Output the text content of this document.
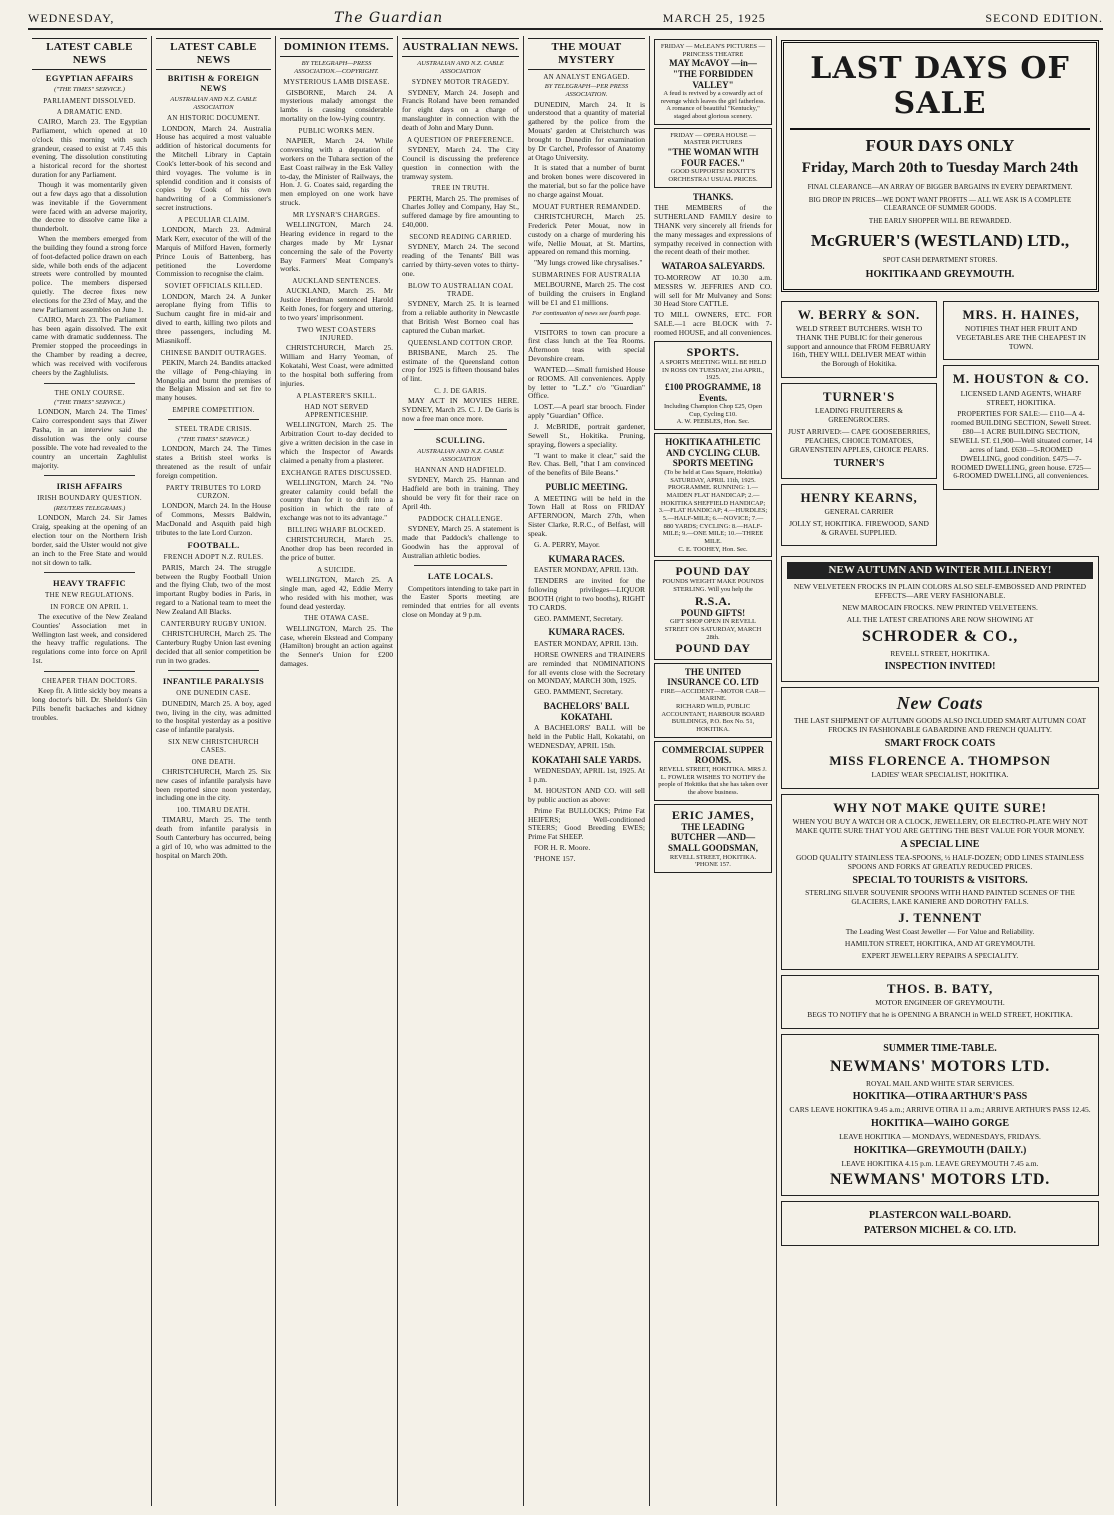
WEDNESDAY,	The Guardian	MARCH 25, 1925	SECOND EDITION.
LATEST CABLE NEWS
EGYPTIAN AFFAIRS
("THE TIMES" SERVICE.)
PARLIAMENT DISSOLVED.
A DRAMATIC END.

CAIRO, March 23. The Egyptian Parliament, which opened at 10 o'clock this morning with such grandeur, ceased to exist at 7.45 this evening. The dissolution constituting a historical record for the shortest duration for any Parliament.

Though it was momentarily given out a few days ago that a dissolution was inevitable if the Government were faced with an adverse majority, the decree to dissolve came like a thunderbolt.

When the members emerged from the building they found a strong force of foot-defacted police drawn on each side, while both ends of the adjacent streets were controlled by mounted police. The members dispersed quietly. The decree fixes new elections for the 23rd of May, and the new Parliament assembles on June 1.

CAIRO, March 23. The Parliament has been again dissolved. The exit came with dramatic suddenness. The Premier stopped the proceedings in the Chamber by reading a decree, which was received with vociferous cheers by the Zaghlulists.

THE ONLY COURSE.
("THE TIMES" SERVICE.)

LONDON, March 24. The Times' Cairo correspondent says that Ziwer Pasha, in an interview said the dissolution was the only course possible. The vote had revealed to the country an uncertain Zaghlulist majority.

IRISH AFFAIRS
IRISH BOUNDARY QUESTION.
(REUTERS TELEGRAMS.)

LONDON, March 24. Sir James Craig, speaking at the opening of an election tour on the Northern Irish border, said the Ulster would not give an inch to the Free State and would not sit down to talk.

HEAVY TRAFFIC
THE NEW REGULATIONS.
IN FORCE ON APRIL 1.

The executive of the New Zealand Counties' Association met in Wellington last week, and considered the heavy traffic regulations. The regulations come into force on April 1st.

CHEAPER THAN DOCTORS.

Keep fit. A little sickly boy means a long doctor's bill. Dr. Sheldon's Gin Pills benefit backaches and kidney troubles.

LATEST CABLE NEWS
BRITISH & FOREIGN NEWS
AUSTRALIAN AND N.Z. CABLE ASSOCIATION
AN HISTORIC DOCUMENT.

LONDON, March 24. Australia House has acquired a most valuable addition of historical documents for the Mitchell Library in Captain Cook's letter-book of his second and third voyages. The volume is in splendid condition and it consists of copies by Cook of his own handwriting of a Commissioner's secret instructions.

A PECULIAR CLAIM.

LONDON, March 23. Admiral Mark Kerr, executor of the will of the Marquis of Milford Haven, formerly Prince Louis of Battenberg, has petitioned the Loverdome Commission to recognise the claim.

SOVIET OFFICIALS KILLED.

LONDON, March 24. A Junker aeroplane flying from Tiflis to Suchum caught fire in mid-air and dived to earth, killing two pilots and three passengers, including M. Miasnikoff.

CHINESE BANDIT OUTRAGES.

PEKIN, March 24. Bandits attacked the village of Peng-chiaying in Mongolia and burnt the premises of the Belgian Mission and set fire to many houses.

EMPIRE COMPETITION.
STEEL TRADE CRISIS.
("THE TIMES" SERVICE.)

LONDON, March 24. The Times states a British steel works is threatened as the result of unfair foreign competition.

PARTY TRIBUTES TO LORD CURZON.

LONDON, March 24. In the House of Commons, Messrs Baldwin, MacDonald and Asquith paid high tributes to the late Lord Curzon.

FOOTBALL.
FRENCH ADOPT N.Z. RULES.

PARIS, March 24. The struggle between the Rugby Football Union and the flying Club, two of the most important Rugby bodies in Paris, in regard to a National team to meet the New Zealand All Blacks.

CANTERBURY RUGBY UNION.

CHRISTCHURCH, March 25. The Canterbury Rugby Union last evening decided that all senior competition be run in two grades.

INFANTILE PARALYSIS
ONE DUNEDIN CASE.

DUNEDIN, March 25. A boy, aged two, living in the city, was admitted to the hospital yesterday as a positive case of infantile paralysis.

SIX NEW CHRISTCHURCH CASES.
ONE DEATH.

CHRISTCHURCH, March 25. Six new cases of infantile paralysis have been reported since noon yesterday, including one in the city.

100. TIMARU DEATH.

TIMARU, March 25. The tenth death from infantile paralysis in South Canterbury has occurred, being a girl of 10, who was admitted to the hospital on March 20th.

DOMINION ITEMS.
BY TELEGRAPH—PRESS ASSOCIATION.—COPYRIGHT.
MYSTERIOUS LAMB DISEASE.

GISBORNE, March 24. A mysterious malady amongst the lambs is causing considerable mortality on the low-lying country.

PUBLIC WORKS MEN.

NAPIER, March 24. While conversing with a deputation of workers on the Tuhara section of the East Coast railway in the Esk Valley to-day, the Minister of Railways, the Hon. J. G. Coates said, regarding the men employed on one work have struck.

MR LYSNAR'S CHARGES.

WELLINGTON, March 24. Hearing evidence in regard to the charges made by Mr Lysnar concerning the sale of the Poverty Bay Farmers' Meat Company's works.

AUCKLAND SENTENCES.

AUCKLAND, March 25. Mr Justice Herdman sentenced Harold Keith Jones, for forgery and uttering, to two years' imprisonment.

TWO WEST COASTERS INJURED.

CHRISTCHURCH, March 25. William and Harry Yeoman, of Kokatahi, West Coast, were admitted to the hospital both suffering from injuries.

A PLASTERER'S SKILL.
HAD NOT SERVED APPRENTICESHIP.

WELLINGTON, March 25. The Arbitration Court to-day decided to give a written decision in the case in which the Inspector of Awards claimed a penalty from a plasterer.

EXCHANGE RATES DISCUSSED.

WELLINGTON, March 24. "No greater calamity could befall the country than for it to drift into a position in which the rate of exchange was not to its advantage."

BILLING WHARF BLOCKED.

CHRISTCHURCH, March 25. Another drop has been recorded in the price of butter.

A SUICIDE.

WELLINGTON, March 25. A single man, aged 42, Eddie Merry who resided with his mother, was found dead yesterday.

THE OTAWA CASE.

WELLINGTON, March 25. The case, wherein Ekstead and Company (Hamilton) brought an action against the Senner's Union for £200 damages.

AUSTRALIAN NEWS.
AUSTRALIAN AND N.Z. CABLE ASSOCIATION
SYDNEY MOTOR TRAGEDY.

SYDNEY, March 24. Joseph and Francis Roland have been remanded for eight days on a charge of manslaughter in connection with the death of John and Mary Dunn.

A QUESTION OF PREFERENCE.

SYDNEY, March 24. The City Council is discussing the preference question in connection with the tramway system.

TREE IN TRUTH.

PERTH, March 25. The premises of Charles Jolley and Company, Hay St., suffered damage by fire amounting to £40,000.

SECOND READING CARRIED.

SYDNEY, March 24. The second reading of the Tenants' Bill was carried by thirty-seven votes to thirty-one.

BLOW TO AUSTRALIAN COAL TRADE.

SYDNEY, March 25. It is learned from a reliable authority in Newcastle that British West Borneo coal has captured the Cuban market.

QUEENSLAND COTTON CROP.

BRISBANE, March 25. The estimate of the Queensland cotton crop for 1925 is fifteen thousand bales of lint.

C. J. DE GARIS.

MAY ACT IN MOVIES HERE. SYDNEY, March 25. C. J. De Garis is now a free man once more.

SCULLING.
AUSTRALIAN AND N.Z. CABLE ASSOCIATION
HANNAN AND HADFIELD.

SYDNEY, March 25. Hannan and Hadfield are both in training. They should be very fit for their race on April 4th.

PADDOCK CHALLENGE.

SYDNEY, March 25. A statement is made that Paddock's challenge to Goodwin has the approval of Australian athletic bodies.

LATE LOCALS.

Competitors intending to take part in the Easter Sports meeting are reminded that entries for all events close on Monday at 9 p.m.

THE MOUAT MYSTERY
AN ANALYST ENGAGED.
BY TELEGRAPH—PER PRESS ASSOCIATION.

DUNEDIN, March 24. It is understood that a quantity of material gathered by the police from the Mouats' garden at Christchurch was brought to Dunedin for examination by Dr Carchel, Professor of Anatomy at Otago University.

It is stated that a number of burnt and broken bones were discovered in the material, but so far the police have no charge against Mouat.

MOUAT FURTHER REMANDED.

CHRISTCHURCH, March 25. Frederick Peter Mouat, now in custody on a charge of murdering his wife, Nellie Mouat, at St. Martins, appeared on remand this morning.

"My lungs crowed like chrysalises."

SUBMARINES FOR AUSTRALIA

MELBOURNE, March 25. The cost of building the cruisers in England will be £1 and £1 millions.

For continuation of news see fourth page.

VISITORS to town can procure a first class lunch at the Tea Rooms. Afternoon teas with special Devonshire cream.

WANTED.—Small furnished House or ROOMS. All conveniences. Apply by letter to "L.Z." c/o "Guardian" Office.

LOST.—A pearl star brooch. Finder apply "Guardian" Office.

J. McBRIDE, portrait gardener, Sewell St., Hokitika. Pruning, spraying, flowers a speciality.

"I want to make it clear," said the Rev. Chas. Bell, "that I am convinced of the benefits of Bile Beans."

PUBLIC MEETING.

A MEETING will be held in the Town Hall at Ross on FRIDAY AFTERNOON, March 27th, when Sister Clarke, R.R.C., of Belfast, will speak.

G. A. PERRY, Mayor.

KUMARA RACES.

EASTER MONDAY, APRIL 13th.

TENDERS are invited for the following privileges—LIQUOR BOOTH (right to two booths), RIGHT TO CARDS.

GEO. PAMMENT, Secretary.

KUMARA RACES.

EASTER MONDAY, APRIL 13th.

HORSE OWNERS and TRAINERS are reminded that NOMINATIONS for all events close with the Secretary on MONDAY, MARCH 30th, 1925.

GEO. PAMMENT, Secretary.

BACHELORS' BALL KOKATAHI.

A BACHELORS' BALL will be held in the Public Hall, Kokatahi, on WEDNESDAY, APRIL 15th.

KOKATAHI SALE YARDS.

WEDNESDAY, APRIL 1st, 1925. At 1 p.m.

M. HOUSTON AND CO. will sell by public auction as above:

Prime Fat BULLOCKS; Prime Fat HEIFERS; Well-conditioned STEERS; Good Breeding EWES; Prime Fat SHEEP.

FOR H. R. Moore.

'PHONE 157.

FRIDAY — McLEAN'S PICTURES — PRINCESS THEATRE
MAY McAVOY —in— "THE FORBIDDEN VALLEY"
A feud is revived by a cowardly act of revenge which leaves the girl fatherless. A romance of beautiful "Kentucky," staged about glorious scenery.
FRIDAY — OPERA HOUSE — MASTER PICTURES
"THE WOMAN WITH FOUR FACES."
GOOD SUPPORTS! BOXITT'S ORCHESTRA! USUAL PRICES.
THANKS.

THE MEMBERS of the SUTHERLAND FAMILY desire to THANK very sincerely all friends for the many messages and expressions of sympathy received in connection with the recent death of their mother.

WATAROA SALEYARDS.

TO-MORROW AT 10.30 a.m. MESSRS W. JEFFRIES AND CO. will sell for Mr Mulvaney and Sons: 30 Head Store CATTLE.

TO MILL OWNERS, ETC. FOR SALE.—1 acre BLOCK with 7-roomed HOUSE, and all conveniences.

SPORTS.
A SPORTS MEETING WILL BE HELD IN ROSS ON TUESDAY, 21st APRIL, 1925.
£100 PROGRAMME, 18 Events.
Including Champion Chop £25, Open Cup, Cycling £10.
A. W. PEEBLES, Hon. Sec.
HOKITIKA ATHLETIC AND CYCLING CLUB.
SPORTS MEETING
(To be held at Cass Square, Hokitika) SATURDAY, APRIL 11th, 1925.
PROGRAMME. RUNNING: 1.—MAIDEN FLAT HANDICAP; 2.—HOKITIKA SHEFFIELD HANDICAP; 3.—FLAT HANDICAP; 4.—HURDLES; 5.—HALF-MILE; 6.—NOVICE; 7.—880 YARDS; CYCLING: 8.—HALF-MILE; 9.—ONE MILE; 10.—THREE MILE.
C. E. TOOHEY, Hon. Sec.
POUND DAY
POUNDS WEIGHT MAKE POUNDS STERLING. Will you help the
R.S.A.
POUND GIFTS!
GIFT SHOP OPEN IN REVELL STREET ON SATURDAY, MARCH 28th.
POUND DAY
THE UNITED INSURANCE CO. LTD
FIRE—ACCIDENT—MOTOR CAR—MARINE.
RICHARD WILD, PUBLIC ACCOUNTANT, HARBOUR BOARD BUILDINGS, P.O. Box No. 51, HOKITIKA.
COMMERCIAL SUPPER ROOMS.
REVELL STREET, HOKITIKA. MRS J. L. FOWLER WISHES TO NOTIFY the people of Hokitika that she has taken over the above business.
ERIC JAMES,
THE LEADING BUTCHER —AND— SMALL GOODSMAN,
REVELL STREET, HOKITIKA.
'PHONE 157.
LAST DAYS OF SALE
FOUR DAYS ONLY
Friday, March 20th to Tuesday March 24th
FINAL CLEARANCE—AN ARRAY OF BIGGER BARGAINS IN EVERY DEPARTMENT.
BIG DROP IN PRICES—WE DON'T WANT PROFITS — ALL WE ASK IS A COMPLETE CLEARANCE OF SUMMER GOODS.
THE EARLY SHOPPER WILL BE REWARDED.
McGRUER'S (WESTLAND) LTD.,
SPOT CASH DEPARTMENT STORES.
HOKITIKA AND GREYMOUTH.
W. BERRY & SON.
WELD STREET BUTCHERS. WISH TO THANK THE PUBLIC for their generous support and announce that FROM FEBRUARY 16th, THEY WILL DELIVER MEAT within the Borough of Hokitika.
TURNER'S
LEADING FRUITERERS & GREENGROCERS.
JUST ARRIVED:— CAPE GOOSEBERRIES, PEACHES, CHOICE TOMATOES, GRAVENSTEIN APPLES, CHOICE PEARS.
TURNER'S
HENRY KEARNS,
GENERAL CARRIER
JOLLY ST, HOKITIKA. FIREWOOD, SAND & GRAVEL SUPPLIED.
MRS. H. HAINES,
NOTIFIES THAT HER FRUIT AND VEGETABLES ARE THE CHEAPEST IN TOWN.
M. HOUSTON & CO.
LICENSED LAND AGENTS, WHARF STREET, HOKITIKA.
PROPERTIES FOR SALE:— £110—A 4-roomed BUILDING SECTION, Sewell Street. £80—1 ACRE BUILDING SECTION, SEWELL ST. £1,900—Well situated corner, 14 acres of land. £630—5-ROOMED DWELLING, good condition. £475—7-ROOMED DWELLING, green house. £725—6-ROOMED DWELLING, all conveniences.
NEW AUTUMN AND WINTER MILLINERY!
NEW VELVETEEN FROCKS IN PLAIN COLORS ALSO SELF-EMBOSSED AND PRINTED EFFECTS—ARE VERY FASHIONABLE.
NEW MAROCAIN FROCKS. NEW PRINTED VELVETEENS.
ALL THE LATEST CREATIONS ARE NOW SHOWING AT
SCHRODER & CO.,
REVELL STREET, HOKITIKA.
INSPECTION INVITED!
New Coats
THE LAST SHIPMENT OF AUTUMN GOODS ALSO INCLUDED SMART AUTUMN COAT FROCKS IN FASHIONABLE GABARDINE AND FRENCH QUALITY.
SMART FROCK COATS
MISS FLORENCE A. THOMPSON
LADIES' WEAR SPECIALIST, HOKITIKA.
WHY NOT MAKE QUITE SURE!
WHEN YOU BUY A WATCH OR A CLOCK, JEWELLERY, OR ELECTRO-PLATE WHY NOT MAKE QUITE SURE THAT YOU ARE GETTING THE BEST VALUE FOR YOUR MONEY.
A SPECIAL LINE
GOOD QUALITY STAINLESS TEA-SPOONS, ½ HALF-DOZEN; ODD LINES STAINLESS SPOONS AND FORKS AT GREATLY REDUCED PRICES.
SPECIAL TO TOURISTS & VISITORS.
STERLING SILVER SOUVENIR SPOONS WITH HAND PAINTED SCENES OF THE GLACIERS, LAKE KANIERE AND DOROTHY FALLS.
J. TENNENT
The Leading West Coast Jeweller — For Value and Reliability.
HAMILTON STREET, HOKITIKA, AND AT GREYMOUTH.
EXPERT JEWELLERY REPAIRS A SPECIALITY.
THOS. B. BATY,
MOTOR ENGINEER OF GREYMOUTH.
BEGS TO NOTIFY that he is OPENING A BRANCH in WELD STREET, HOKITIKA.
SUMMER TIME-TABLE.
NEWMANS' MOTORS LTD.
ROYAL MAIL AND WHITE STAR SERVICES.
HOKITIKA—OTIRA ARTHUR'S PASS
CARS LEAVE HOKITIKA 9.45 a.m.; ARRIVE OTIRA 11 a.m.; ARRIVE ARTHUR'S PASS 12.45.
HOKITIKA—WAIHO GORGE
LEAVE HOKITIKA — MONDAYS, WEDNESDAYS, FRIDAYS.
HOKITIKA—GREYMOUTH (DAILY.)
LEAVE HOKITIKA 4.15 p.m. LEAVE GREYMOUTH 7.45 a.m.
NEWMANS' MOTORS LTD.
PLASTERCON WALL-BOARD.
PATERSON MICHEL & CO. LTD.
